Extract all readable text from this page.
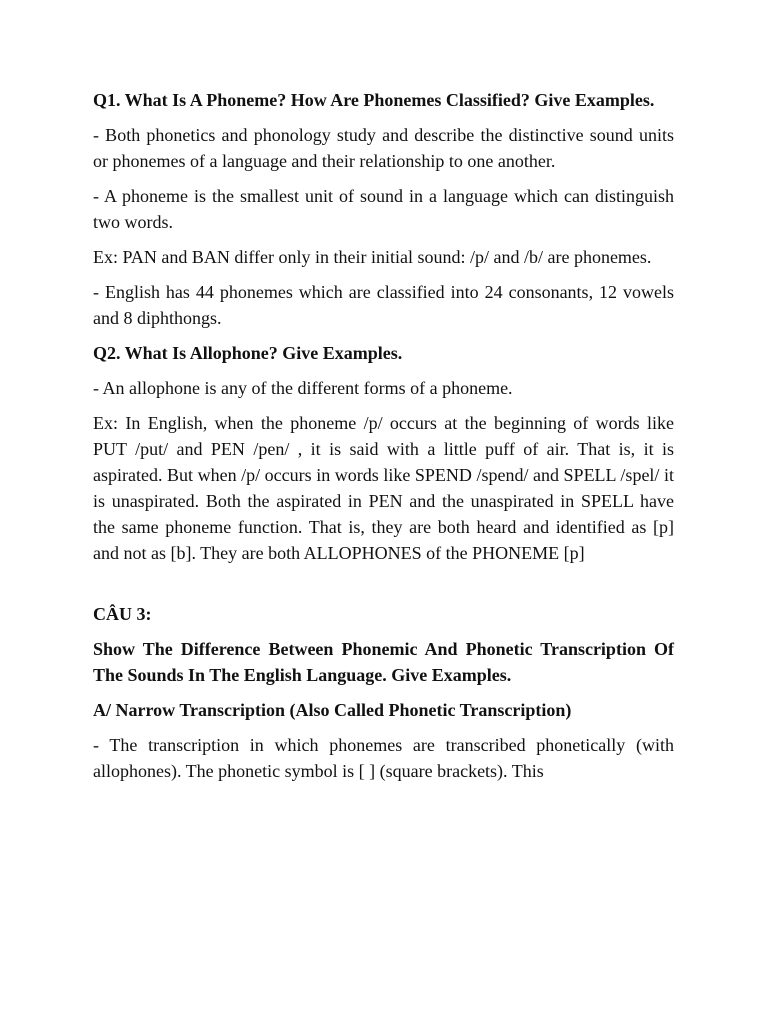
Q1. What Is A Phoneme? How Are Phonemes Classified? Give Examples.

- Both phonetics and phonology study and describe the distinctive sound units or phonemes of a language and their relationship to one another.

- A phoneme is the smallest unit of sound in a language which can distinguish two words.

Ex: PAN and BAN differ only in their initial sound: /p/ and /b/ are phonemes.

- English has 44 phonemes which are classified into 24 consonants, 12 vowels and 8 diphthongs.

Q2. What Is Allophone? Give Examples.

- An allophone is any of the different forms of a phoneme.

Ex: In English, when the phoneme /p/ occurs at the beginning of words like PUT /put/ and PEN /pen/ , it is said with a little puff of air. That is, it is aspirated. But when /p/ occurs in words like SPEND /spend/ and SPELL /spel/ it is unaspirated. Both the aspirated in PEN and the unaspirated in SPELL have the same phoneme function. That is, they are both heard and identified as [p] and not as [b]. They are both ALLOPHONES of the PHONEME [p]

CÂU 3:

Show The Difference Between Phonemic And Phonetic Transcription Of The Sounds In The English Language. Give Examples.

A/ Narrow Transcription (Also Called Phonetic Transcription)

- The transcription in which phonemes are transcribed phonetically (with allophones). The phonetic symbol is [ ] (square brackets). This
